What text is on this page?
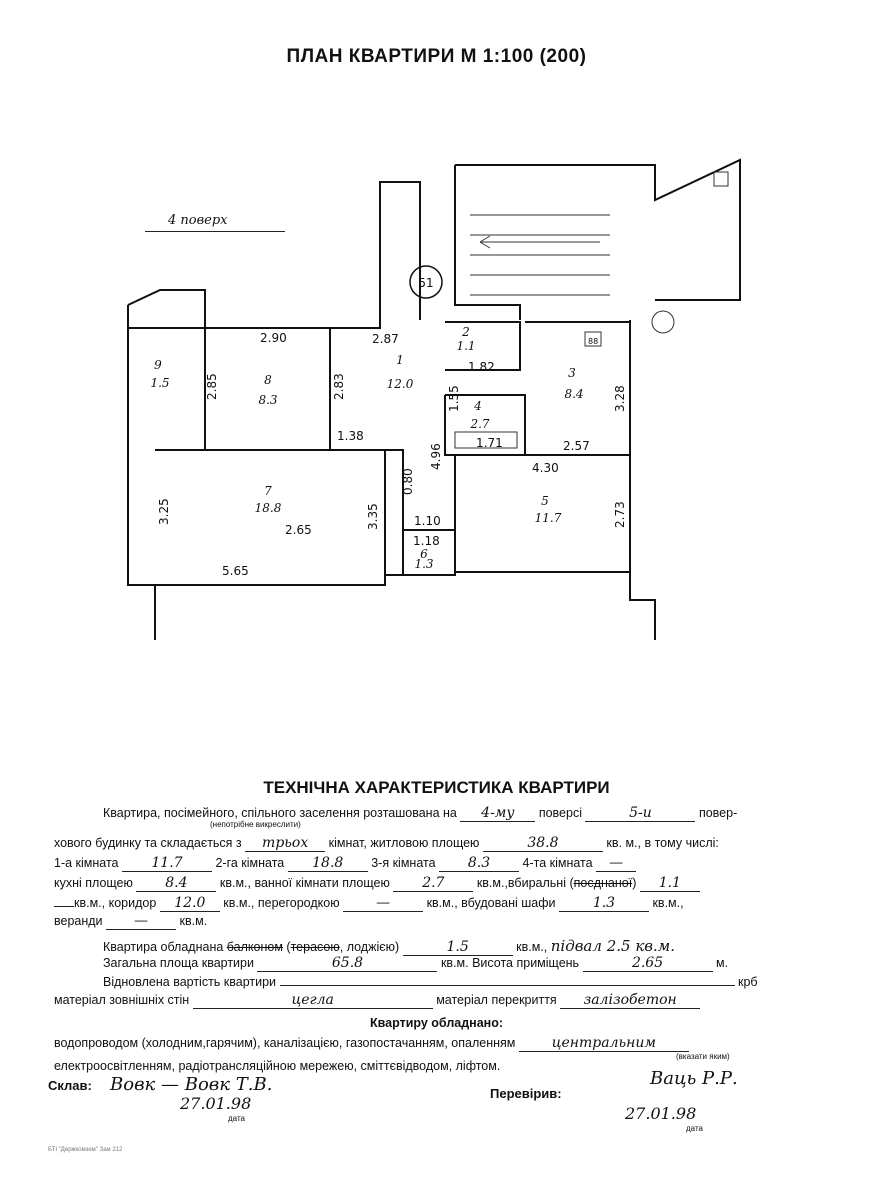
ПЛАН КВАРТИРИ М 1:100 (200)
4 поверх
51
1
12.0
3
8.4
4
2.7
5
11.7
6
1.3
7
18.8
8
8.3
9
1.5
2
1.1
2.90	2.87
1.82
2.85	2.83	3.28
1.38
2.57
4.30
4.96
1.55
1.71
3.25	3.35
2.65
2.73
1.10
1.18
5.65
0.80
88
ТЕХНІЧНА ХАРАКТЕРИСТИКА КВАРТИРИ
Квартира, посімейного, спільного заселення розташована на 4-му поверсі	5-и	повер-
(непотрібне викреслити)
хового будинку та складається з трьох кімнат, житловою площею	38.8	кв. м., в тому числі:
1-а кімната 11.7	2-га кімната 18.8 3-я кімната 8.3	4-та кімната —
кухні площею 8.4	кв.м., ванної кімнати площею 2.7	кв.м.,вбиральні (поєднаної) 1.1
кв.м., коридор 12.0 кв.м., перегородкою	—	кв.м., вбудовані шафи	1.3	кв.м.,
веранди —	кв.м.
Квартира обладнана балконом (терасою, лоджією)	1.5	кв.м., підвал 2.5 кв.м.
Загальна площа квартири	65.8	кв.м. Висота приміщень	2.65	м.
Відновлена вартість квартири	крб
матеріал зовнішніх стін	цегла	матеріал перекриття залізобетон
Квартиру обладнано:
водопроводом (холодним,гарячим), каналізацією, газопостачанням, опаленням	центральним
(вказати яким)
електроосвітленням, радіотрансляційною мережею, сміттєвідводом, ліфтом.
Склав: Вовк — Вовк Т.В.
27.01.98
дата
Перевірив:
Ваць Р.Р.
27.01.98
дата
БТІ "Держкомзем" Зам 212
